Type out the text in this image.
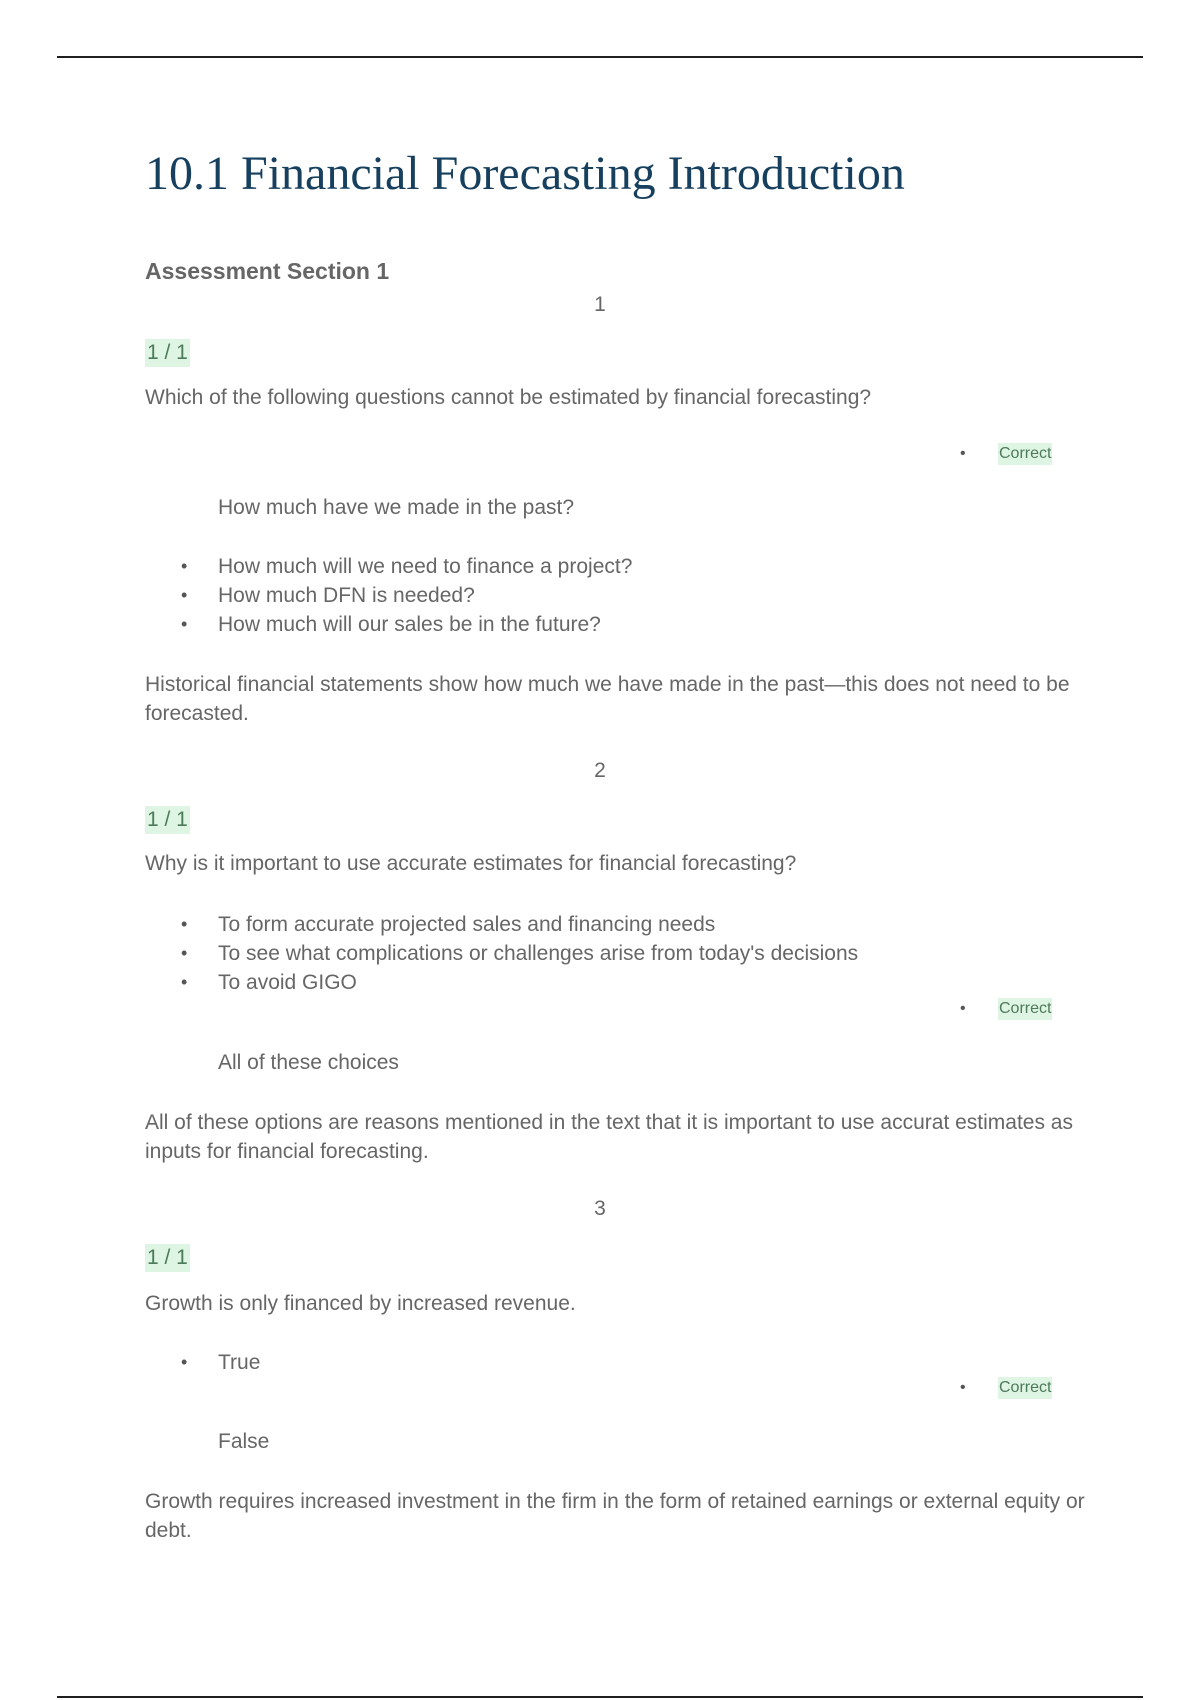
10.1 Financial Forecasting Introduction
Assessment Section 1
1
1 / 1
Which of the following questions cannot be estimated by financial forecasting?
• Correct
How much have we made in the past?
• How much will we need to finance a project?
• How much DFN is needed?
• How much will our sales be in the future?
Historical financial statements show how much we have made in the past—this does not need to be forecasted.
2
1 / 1
Why is it important to use accurate estimates for financial forecasting?
• To form accurate projected sales and financing needs
• To see what complications or challenges arise from today's decisions
• To avoid GIGO
• Correct
All of these choices
All of these options are reasons mentioned in the text that it is important to use accurat estimates as inputs for financial forecasting.
3
1 / 1
Growth is only financed by increased revenue.
• True
• Correct
False
Growth requires increased investment in the firm in the form of retained earnings or external equity or debt.
